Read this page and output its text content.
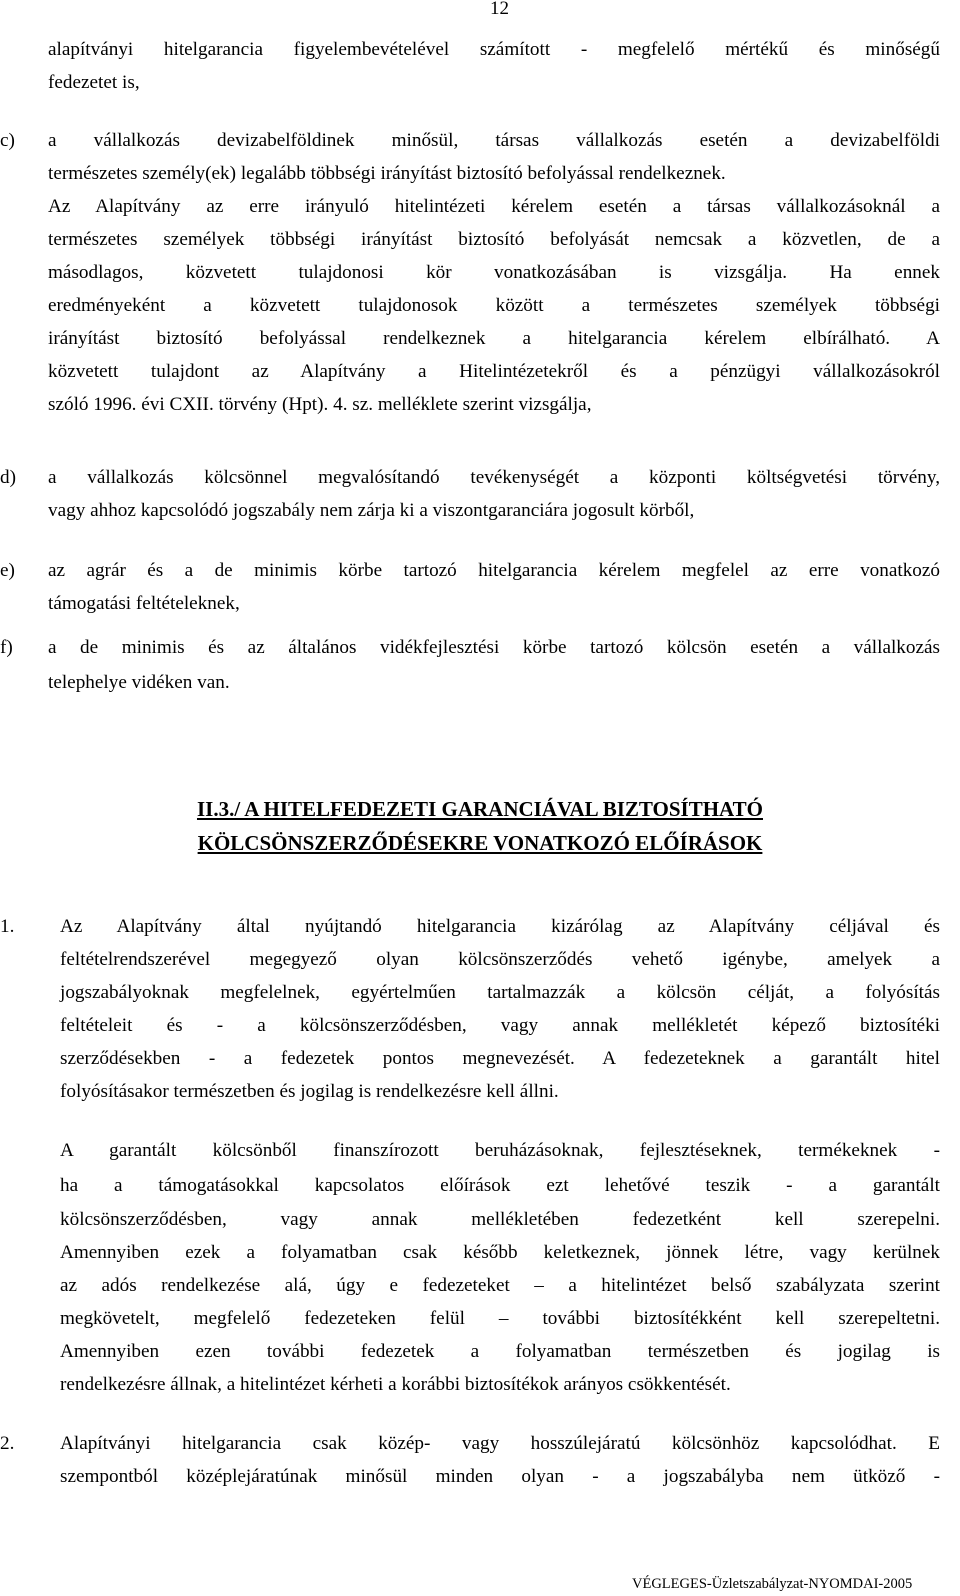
12
alapítványi hitelgarancia figyelembevételével számított - megfelelő mértékű és minőségű
fedezetet is,
c) a vállalkozás devizabelföldinek minősül, társas vállalkozás esetén a devizabelföldi
természetes személy(ek) legalább többségi irányítást biztosító befolyással rendelkeznek.
Az Alapítvány az erre irányuló hitelintézeti kérelem esetén a társas vállalkozásoknál a
természetes személyek többségi irányítást biztosító befolyását nemcsak a közvetlen, de a
másodlagos, közvetett tulajdonosi kör vonatkozásában is vizsgálja. Ha ennek
eredményeként a közvetett tulajdonosok között a természetes személyek többségi
irányítást biztosító befolyással rendelkeznek a hitelgarancia kérelem elbírálható. A
közvetett tulajdont az Alapítvány a Hitelintézetekről és a pénzügyi vállalkozásokról
szóló 1996. évi CXII. törvény (Hpt). 4. sz. melléklete szerint vizsgálja,
d) a vállalkozás kölcsönnel megvalósítandó tevékenységét a központi költségvetési törvény,
vagy ahhoz kapcsolódó jogszabály nem zárja ki a viszontgaranciára jogosult körből,
e) az agrár és a de minimis körbe tartozó hitelgarancia kérelem megfelel az erre vonatkozó
támogatási feltételeknek,
f) a de minimis és az általános vidékfejlesztési körbe tartozó kölcsön esetén a vállalkozás
telephelye vidéken van.
II.3./ A HITELFEDEZETI GARANCIÁVAL BIZTOSÍTHATÓ
KÖLCSÖNSZERZŐDÉSEKRE VONATKOZÓ ELŐÍRÁSOK
1. Az Alapítvány által nyújtandó hitelgarancia kizárólag az Alapítvány céljával és
feltételrendszerével megegyező olyan kölcsönszerződés vehető igénybe, amelyek a
jogszabályoknak megfelelnek, egyértelműen tartalmazzák a kölcsön célját, a folyósítás
feltételeit és - a kölcsönszerződésben, vagy annak mellékletét képező biztosítéki
szerződésekben - a fedezetek pontos megnevezését. A fedezeteknek a garantált hitel
folyósításakor természetben és jogilag is rendelkezésre kell állni.
A garantált kölcsönből finanszírozott beruházásoknak, fejlesztéseknek, termékeknek -
ha a támogatásokkal kapcsolatos előírások ezt lehetővé teszik - a garantált
kölcsönszerződésben, vagy annak mellékletében fedezetként kell szerepelni.
Amennyiben ezek a folyamatban csak később keletkeznek, jönnek létre, vagy kerülnek
az adós rendelkezése alá, úgy e fedezeteket – a hitelintézet belső szabályzata szerint
megkövetelt, megfelelő fedezeteken felül – további biztosítékként kell szerepeltetni.
Amennyiben ezen további fedezetek a folyamatban természetben és jogilag is
rendelkezésre állnak, a hitelintézet kérheti a korábbi biztosítékok arányos csökkentését.
2. Alapítványi hitelgarancia csak közép- vagy hosszúlejáratú kölcsönhöz kapcsolódhat. E
szempontból középlejáratúnak minősül minden olyan - a jogszabályba nem ütköző -
VÉGLEGES-Üzletszabályzat-NYOMDAI-2005
